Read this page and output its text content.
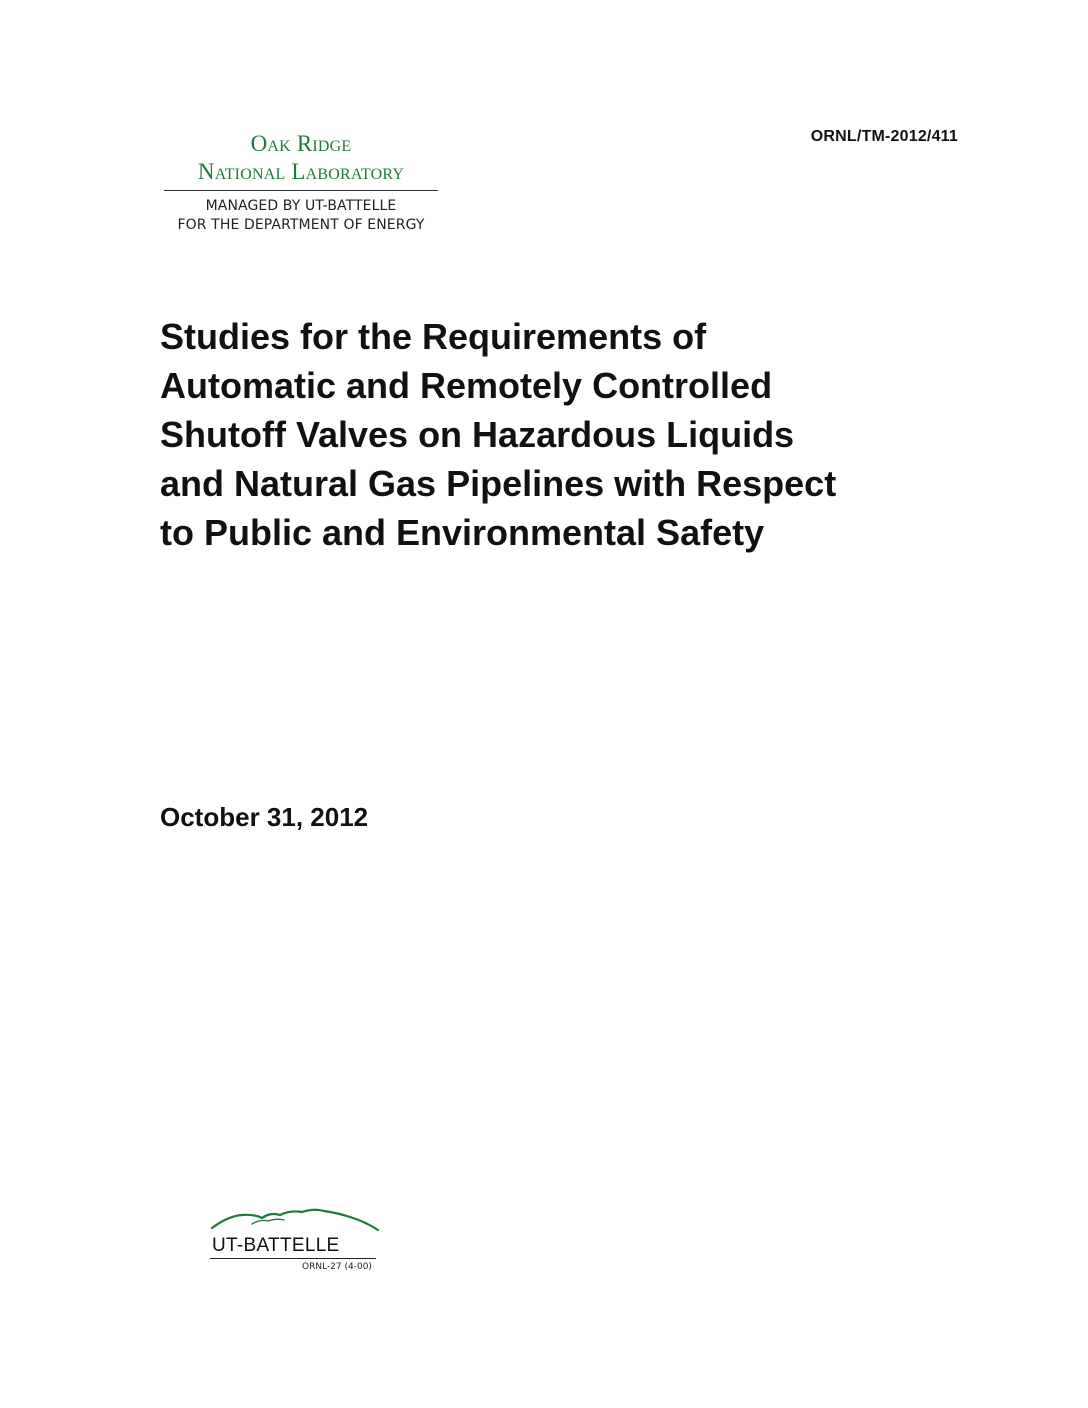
ORNL/TM-2012/411
Oak Ridge
National Laboratory
MANAGED BY UT-BATTELLE
FOR THE DEPARTMENT OF ENERGY
Studies for the Requirements of
Automatic and Remotely Controlled
Shutoff Valves on Hazardous Liquids
and Natural Gas Pipelines with Respect
to Public and Environmental Safety
October 31, 2012
UT-BATTELLE
ORNL-27 (4-00)
